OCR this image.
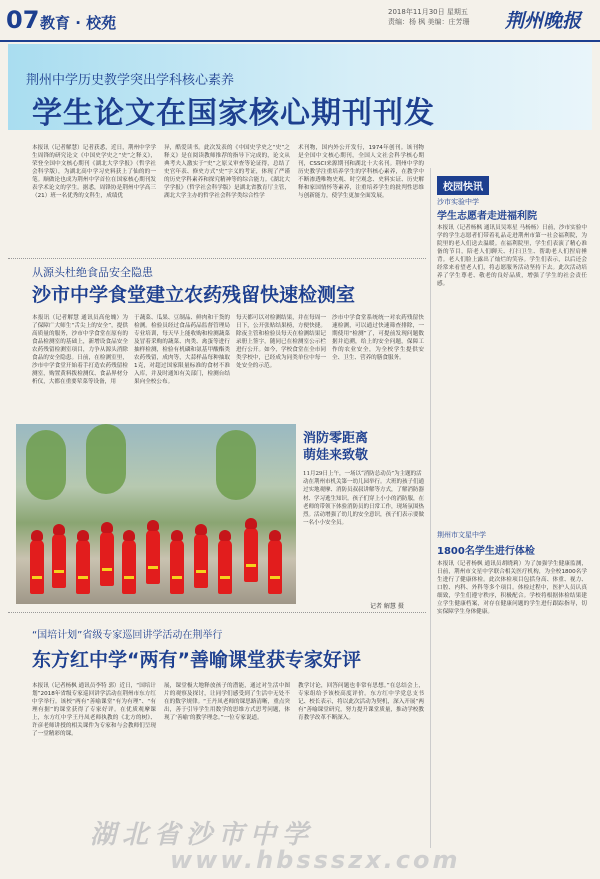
07 教育 · 校苑
2018年11月30日 星期五
责编：杨 枫 美编：庄芳珊	荆州晚报
荆州中学历史教学突出学科核心素养
学生论文在国家核心期刊刊发
本报讯（记者解慧）记者获悉，近日，荆州中学学生周锋的研究论文《中国史学史之“史”之释义》，荣登全国中文核心期刊《湖北大学学报》（哲学社会科学版），为湖北高中学习史料获上了仙的的一笔。顺做论也成为荆州中学首位在国家核心期刊发表学术论文的学生。据悉，周锋协是荆州中学高三（21）班一名优秀的文科生，成绩优
异，酷爱读书。此次发表的《中国史学史之“史”之释义》是在阅读教师推荐的指导下完成的，论文从典考夫人激实于“史”之原义审查等论证得，总结了史官年表、修史方式“史”字义的考证，体现了严谨的历史学科素养和探究精神等的综合能力。《湖北大学学报》（哲学社会科学版）是湖北省教育厅主管，湖北大学主办的哲学社会科学类综合性学
术刊物，国内外公开发行，1974年创刊。该刊物是全国中文核心期刊，全国人文社会科学核心期刊，CSSCI来源期刊和湖北十大名刊。荆州中学的历史教学注重培养学生的学科核心素养，在教学中不断渗透唯物史观、时空观念、史料实证、历史解释和家国情怀等素养，注重培养学生的批判性思维与创新能力，使学生更加全面发展。
从源头杜绝食品安全隐患
沙市中学食堂建立农药残留快速检测室
本报讯（记者解慧 通讯员高伦魄）为了保障广大师生“舌尖上的安全”，提供高质量的服务，沙市中学食堂在原有的食品检测室的基础上，新增设食品安全农药残留检测室项目，力争从源头消除食品的安全隐患。日前，在检测室里，沙市中学食堂开始着手打造农药残留检测室，购置黄料拨检测仪、食品界材分析仪，大都在重要荤菜等设备，用
于蔬菜、瓜果、豆制品、鲜肉和干货的检测。检验员经过食品药品监督管理局专业培训，每天早上能收购和检测蔬菜及冒着采购的蔬菜、肉类、禽蛋等进行抽样检测，检验有机磷和氨基甲酸酯类农药残留，成肉等，大蒜样品每种抽取1克，对超过国家限量标准的食材不准入库，并及时通知有关部门，检测台结果向全校公布。
每天都可以对检测结果，并在每周一日下，公开张贴结果榜，方便快捷。除夜主管和检验员每天在检测结果记录册上签字，随同已在检测室公示栏进行公开。如今，学校食堂在全市同类学校中，已经成为同类单位中每一处安全的示范。
沙市中学食堂系统统一对农药残留快速检测，可以通过快速筛查排除，一期使用“检测”了，可提前发现问题数据并追溯，给上的安全问题，保障工作的农业安全，为全校学生提供安全、卫生、营养的膳食服务。
消防零距离
萌娃来致敬
11月29日上午，一场以“消防总动员”为主题的活动在荆州市机关第一幼儿园举行。大班的孩子们通过实地观摩、消防员叔叔讲解等方式，了解消防器材、学习逃生知识。孩子们穿上小小的消防服，在老师的带领下体验消防员的日常工作，现场氛围热烈。活动增强了幼儿的安全意识，孩子们表示要做一名小小安全员。
记者 解慧 摄
“国培计划”省级专家巡回讲学活动在荆举行
东方红中学“两有”善喻课堂获专家好评
本报讯（记者杨枫 通讯员李特 郭）近日，“国培计划”2018年省级专家巡回讲学活动在荆州市东方红中学举行。该校“两有”善喻课堂“有为有理”、“有理有据”的课堂获得了专家好评。在优质观摩课上，东方红中学王丹凤老师执教的《北方的树》、许彦老师讲授的相关课件为专家和与会教师们呈现了一堂精彩的课。
展，课堂极大地释放孩子的潜能，通过对生活中图片的观察及探讨，让同学们感受到了生活中无处不在的数学规律。“王丹凤老师的课思路清晰，重点突出，善于引导学生用数学的思维方式思考问题，体现了‘善喻’的教学理念。”一位专家说道。
教学讨论，回答问题也非常有思想。”在总结会上，专家组给予该校高度评价。东方红中学党总支书记、校长表示，将以此次活动为契机，深入开展“两有”善喻课堂研究，努力提升课堂质量，推动学校教育教学改革不断深入。
校园快讯
沙市实验中学
学生志愿者走进福利院
本报讯（记者杨枫 通讯员吴寒星 马杨杨）日前，沙市实验中学的学生志愿者们带着礼品走进荆州市第一社会福利院，为院里的老人们送去温暖。在福利院里，学生们表演了精心准备的节目，陪老人们聊天、打扫卫生、帮助老人们捏肩捶背。老人们脸上露出了灿烂的笑容。学生们表示，以后还会经常来看望老人们，将志愿服务活动坚持下去。此次活动培养了学生尊老、敬老的良好品质，增强了学生的社会责任感。
荆州市文星中学
1800名学生进行体检
本报讯（记者杨枫 通讯员胡晓莉）为了加强学生健康监测，日前，荆州市文星中学联合相关医疗机构，为全校1800名学生进行了健康体检。此次体检项目包括身高、体重、视力、口腔、内科、外科等多个项目。体检过程中，医护人员认真细致，学生们遵守秩序，积极配合。学校将根据体检结果建立学生健康档案，对存在健康问题的学生进行跟踪指导，切实保障学生身体健康。
湖北省沙市中学
www.hbssszx.com
